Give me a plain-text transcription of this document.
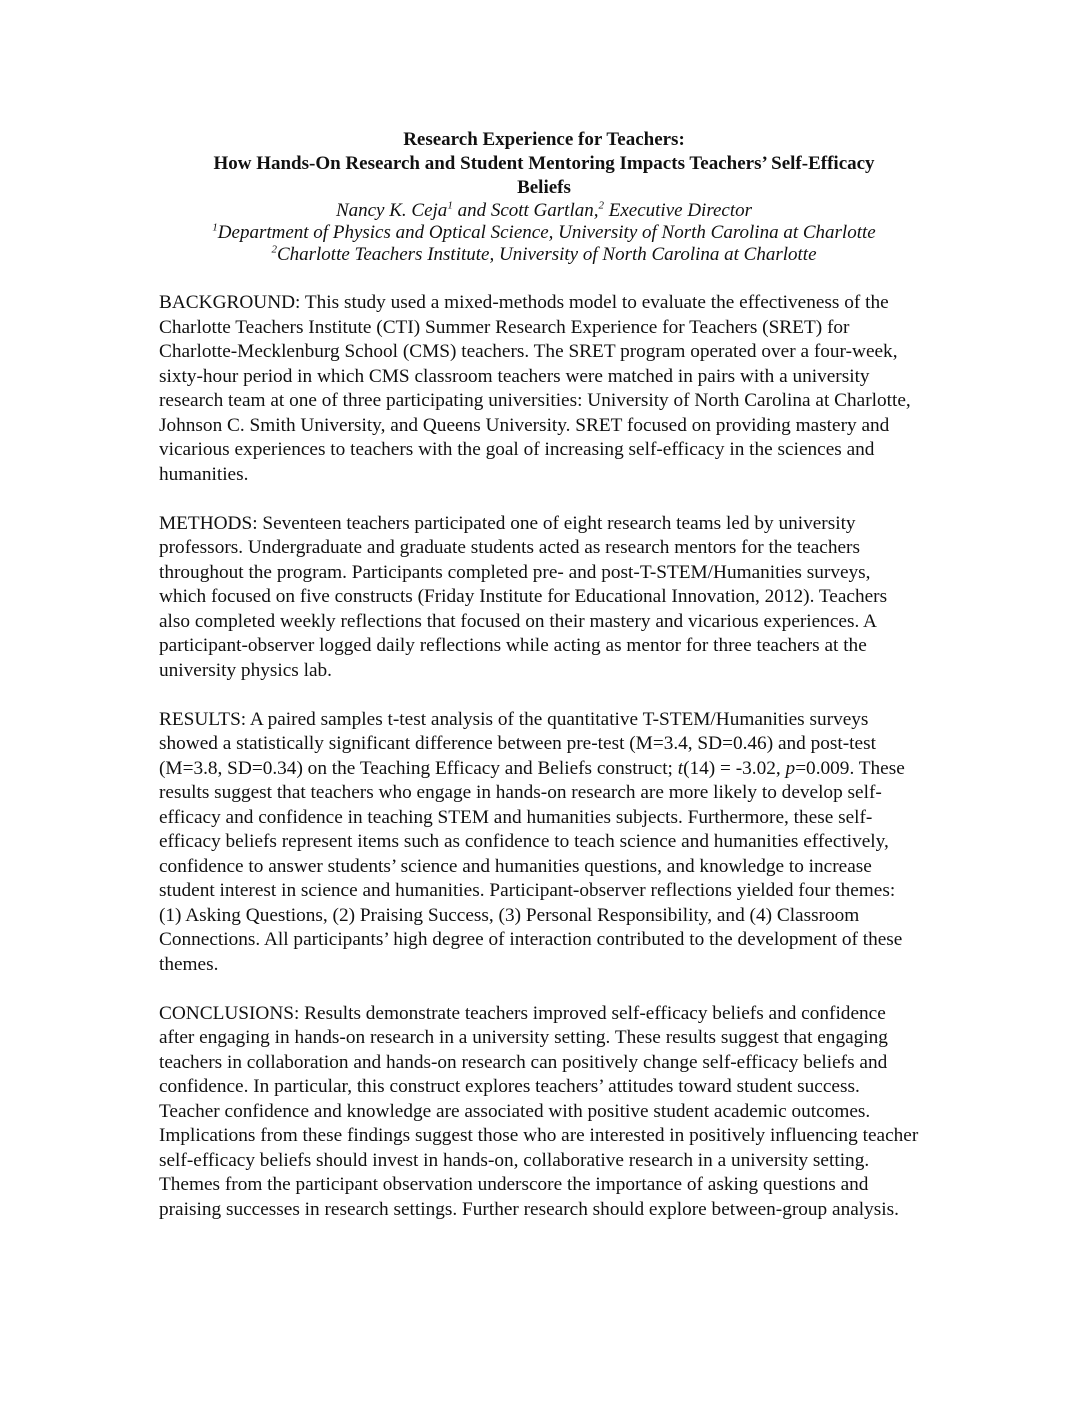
Research Experience for Teachers:

How Hands-On Research and Student Mentoring Impacts Teachers’ Self-Efficacy

Beliefs

Nancy K. Ceja$^1$ and Scott Gartlan,$^2$ Executive Director

$^1$Department of Physics and Optical Science, University of North Carolina at Charlotte

$^2$Charlotte Teachers Institute, University of North Carolina at Charlotte

BACKGROUND: This study used a mixed-methods model to evaluate the effectiveness of the Charlotte Teachers Institute (CTI) Summer Research Experience for Teachers (SRET) for Charlotte-Mecklenburg School (CMS) teachers. The SRET program operated over a four-week, sixty-hour period in which CMS classroom teachers were matched in pairs with a university research team at one of three participating universities: University of North Carolina at Charlotte, Johnson C. Smith University, and Queens University. SRET focused on providing mastery and vicarious experiences to teachers with the goal of increasing self-efficacy in the sciences and humanities.

METHODS: Seventeen teachers participated one of eight research teams led by university professors. Undergraduate and graduate students acted as research mentors for the teachers throughout the program. Participants completed pre- and post-T-STEM/Humanities surveys, which focused on five constructs (Friday Institute for Educational Innovation, 2012). Teachers also completed weekly reflections that focused on their mastery and vicarious experiences. A participant-observer logged daily reflections while acting as mentor for three teachers at the university physics lab.

RESULTS: A paired samples t-test analysis of the quantitative T-STEM/Humanities surveys showed a statistically significant difference between pre-test (M=3.4, SD=0.46) and post-test (M=3.8, SD=0.34) on the Teaching Efficacy and Beliefs construct; t(14) = -3.02, p=0.009. These results suggest that teachers who engage in hands-on research are more likely to develop self-efficacy and confidence in teaching STEM and humanities subjects. Furthermore, these self-efficacy beliefs represent items such as confidence to teach science and humanities effectively, confidence to answer students’ science and humanities questions, and knowledge to increase student interest in science and humanities. Participant-observer reflections yielded four themes: (1) Asking Questions, (2) Praising Success, (3) Personal Responsibility, and (4) Classroom Connections. All participants’ high degree of interaction contributed to the development of these themes.

CONCLUSIONS: Results demonstrate teachers improved self-efficacy beliefs and confidence after engaging in hands-on research in a university setting. These results suggest that engaging teachers in collaboration and hands-on research can positively change self-efficacy beliefs and confidence. In particular, this construct explores teachers’ attitudes toward student success. Teacher confidence and knowledge are associated with positive student academic outcomes. Implications from these findings suggest those who are interested in positively influencing teacher self-efficacy beliefs should invest in hands-on, collaborative research in a university setting. Themes from the participant observation underscore the importance of asking questions and praising successes in research settings. Further research should explore between-group analysis.
